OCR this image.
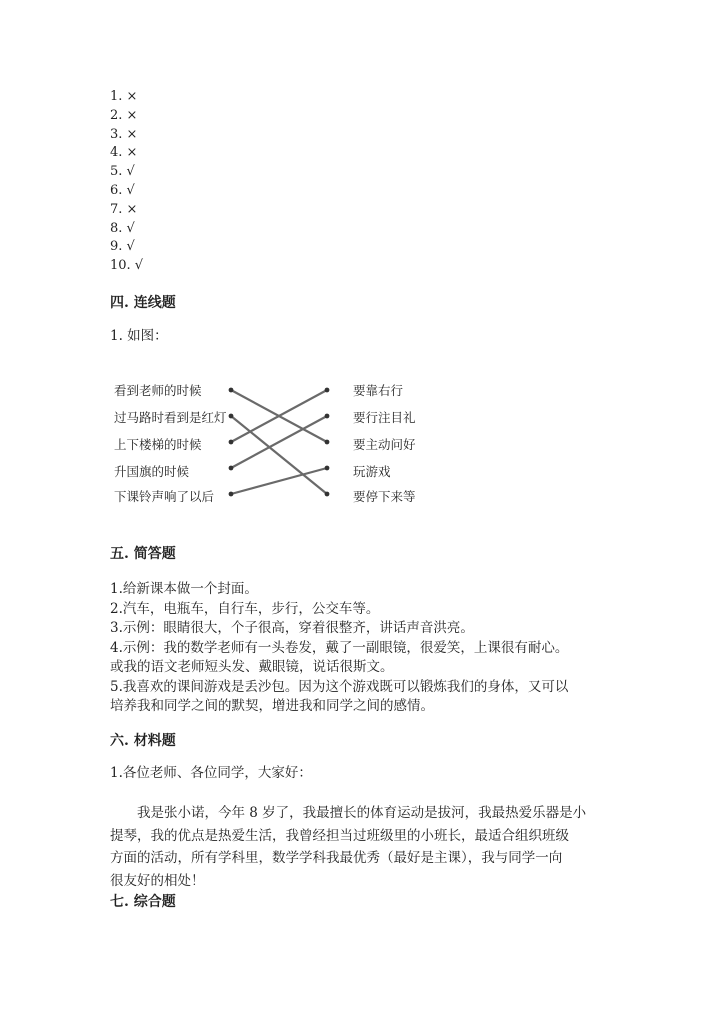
1. ×
2. ×
3. ×
4. ×
5. √
6. √
7. ×
8. √
9. √
10. √
四. 连线题
1. 如图：
看到老师的时候
过马路时看到是红灯
上下楼梯的时候
升国旗的时候
下课铃声响了以后
要靠右行
要行注目礼
要主动问好
玩游戏
要停下来等
五. 简答题
1.给新课本做一个封面。
2.汽车，电瓶车，自行车，步行，公交车等。
3.示例：眼睛很大，个子很高，穿着很整齐，讲话声音洪亮。
4.示例：我的数学老师有一头卷发，戴了一副眼镜，很爱笑，上课很有耐心。
或我的语文老师短头发、戴眼镜，说话很斯文。
5.我喜欢的课间游戏是丢沙包。因为这个游戏既可以锻炼我们的身体，又可以
培养我和同学之间的默契，增进我和同学之间的感情。
六. 材料题
1.各位老师、各位同学，大家好：
我是张小诺，今年 8 岁了，我最擅长的体育运动是拔河，我最热爱乐器是小
提琴，我的优点是热爱生活，我曾经担当过班级里的小班长，最适合组织班级
方面的活动，所有学科里，数学学科我最优秀（最好是主课），我与同学一向
很友好的相处！
七. 综合题
